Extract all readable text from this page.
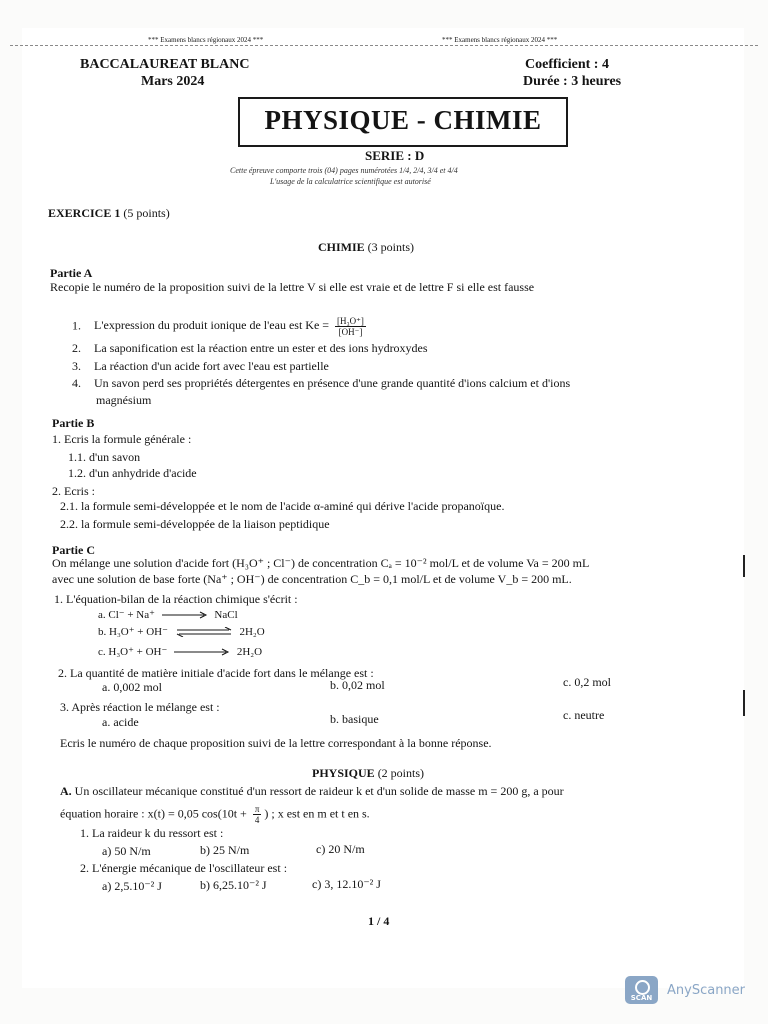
*** Examens blancs régionaux 2024 ***	*** Examens blancs régionaux 2024 ***
BACCALAUREAT BLANC
Mars 2024
Coefficient : 4
Durée : 3 heures
PHYSIQUE - CHIMIE
SERIE : D
Cette épreuve comporte trois (04) pages numérotées 1/4, 2/4, 3/4 et 4/4
L'usage de la calculatrice scientifique est autorisé
EXERCICE 1 (5 points)
CHIMIE (3 points)
Partie A
Recopie le numéro de la proposition suivi de la lettre V si elle est vraie et de lettre F si elle est fausse
1. L'expression du produit ionique de l'eau est $Ke = \frac{\text{[H₃O⁺]}}{[OH^-]}$
2. La saponification est la réaction entre un ester et des ions hydroxydes
3. La réaction d'un acide fort avec l'eau est partielle
4. Un savon perd ses propriétés détergentes en présence d'une grande quantité d'ions calcium et d'ions
magnésium
Partie B
1. Ecris la formule générale :
1.1. d'un savon
1.2. d'un anhydride d'acide
2. Ecris :
2.1. la formule semi-développée et le nom de l'acide α-aminé qui dérive l'acide propanoïque.
2.2. la formule semi-développée de la liaison peptidique
Partie C
On mélange une solution d'acide fort (H₃O⁺ ; Cl⁻) de concentration Cₐ = 10⁻² mol/L et de volume Va = 200 mL
avec une solution de base forte (Na⁺ ; OH⁻) de concentration C_b = 0,1 mol/L et de volume V_b = 200 mL.
1. L'équation-bilan de la réaction chimique s'écrit :
a. Cl⁻ + Na⁺	NaCl
b. H₃O⁺ + OH⁻	2H₂O
c. H₃O⁺ + OH⁻	2H₂O
2. La quantité de matière initiale d'acide fort dans le mélange est :
a. 0,002 mol	b. 0,02 mol	c. 0,2 mol
3. Après réaction le mélange est :
a. acide	b. basique	c. neutre
Ecris le numéro de chaque proposition suivi de la lettre correspondant à la bonne réponse.
PHYSIQUE (2 points)
A. Un oscillateur mécanique constitué d'un ressort de raideur k et d'un solide de masse m = 200 g, a pour
équation horaire : x(t) = 0,05 $\cos(10t + \frac{\pi}{4}$ ) ; x est en m et t en s.
1. La raideur k du ressort est :
a) 50 N/m	b) 25 N/m	c) 20 N/m
2. L'énergie mécanique de l'oscillateur est :
a) 2,5.10⁻² J	b) 6,25.10⁻² J	c) 3, 12.10⁻² J
1 / 4
SCAN	AnyScanner
